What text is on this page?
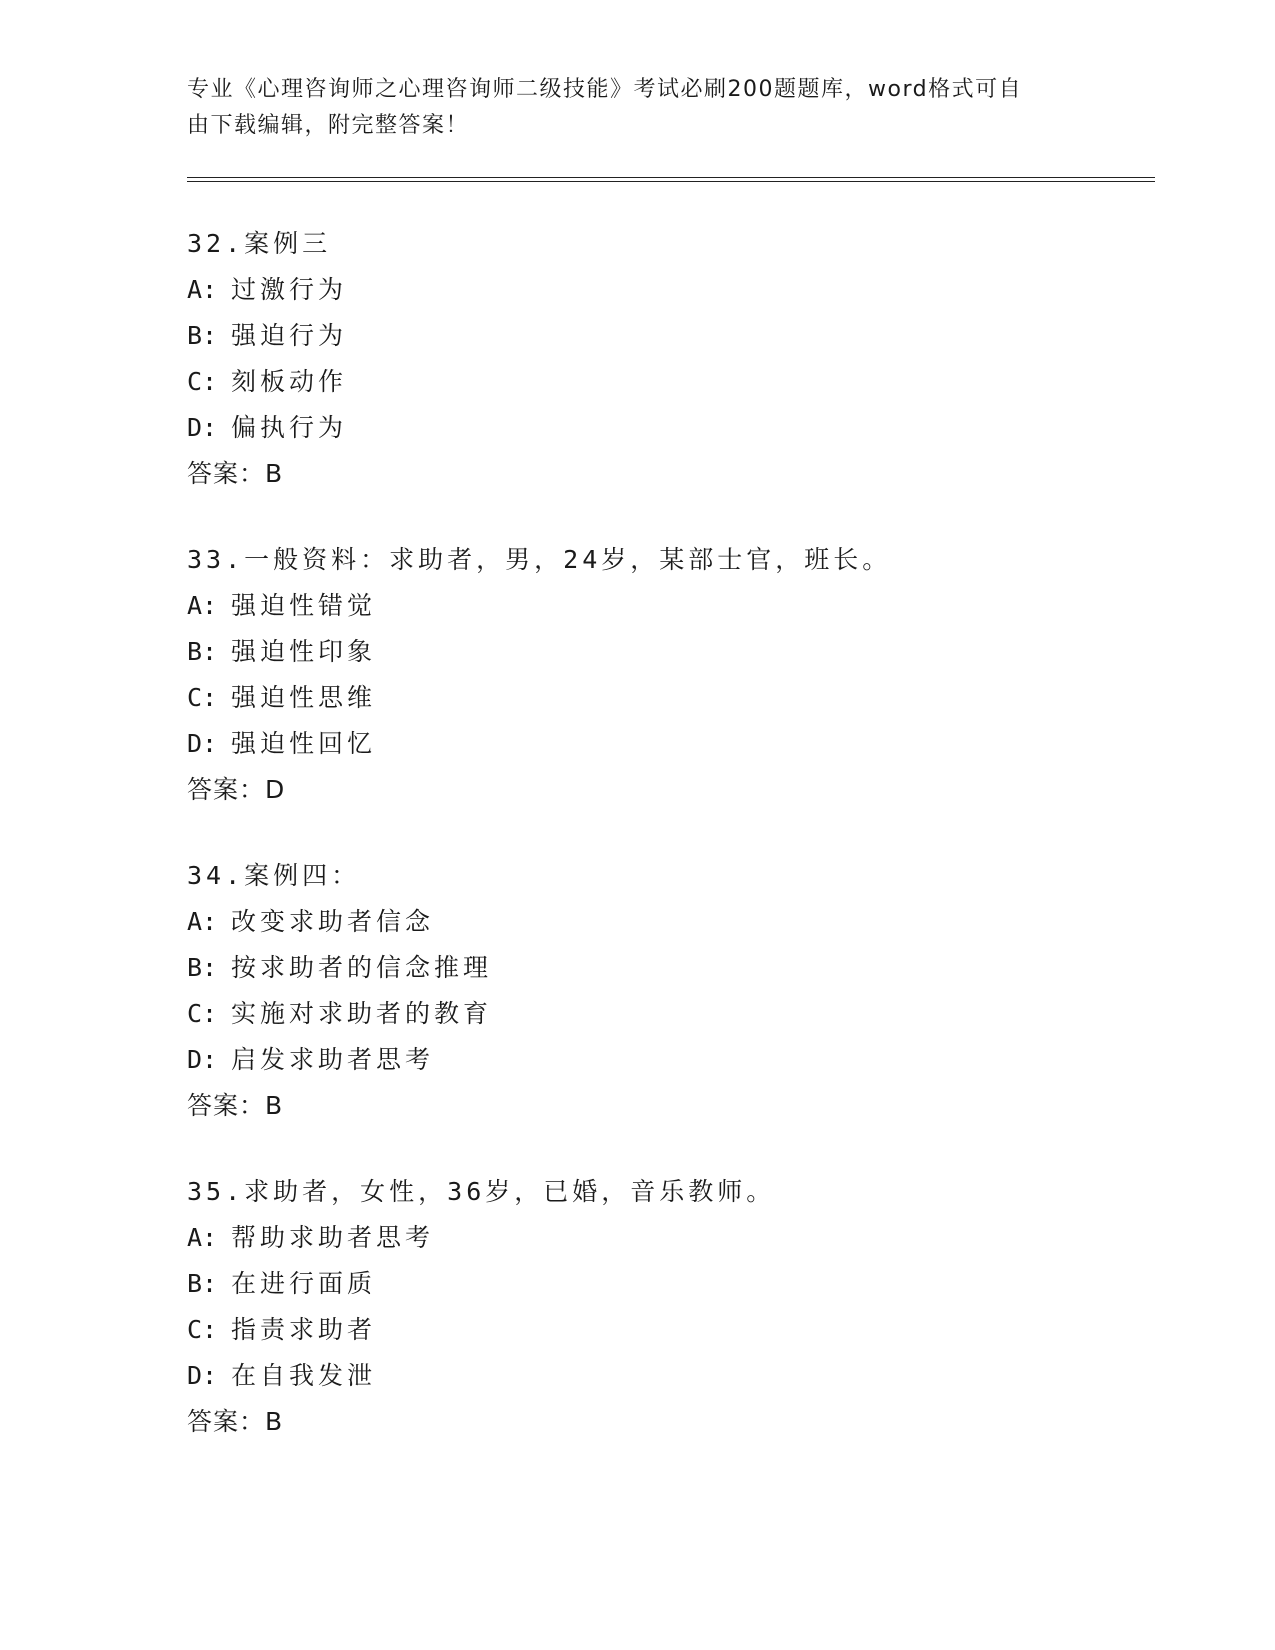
专业《心理咨询师之心理咨询师二级技能》考试必刷200题题库，word格式可自
由下载编辑，附完整答案！
32.案例三
A: 过激行为
B: 强迫行为
C: 刻板动作
D: 偏执行为
答案：B
33.一般资料：求助者，男，24岁，某部士官，班长。
A: 强迫性错觉
B: 强迫性印象
C: 强迫性思维
D: 强迫性回忆
答案：D
34.案例四：
A: 改变求助者信念
B: 按求助者的信念推理
C: 实施对求助者的教育
D: 启发求助者思考
答案：B
35.求助者，女性，36岁，已婚，音乐教师。
A: 帮助求助者思考
B: 在进行面质
C: 指责求助者
D: 在自我发泄
答案：B
